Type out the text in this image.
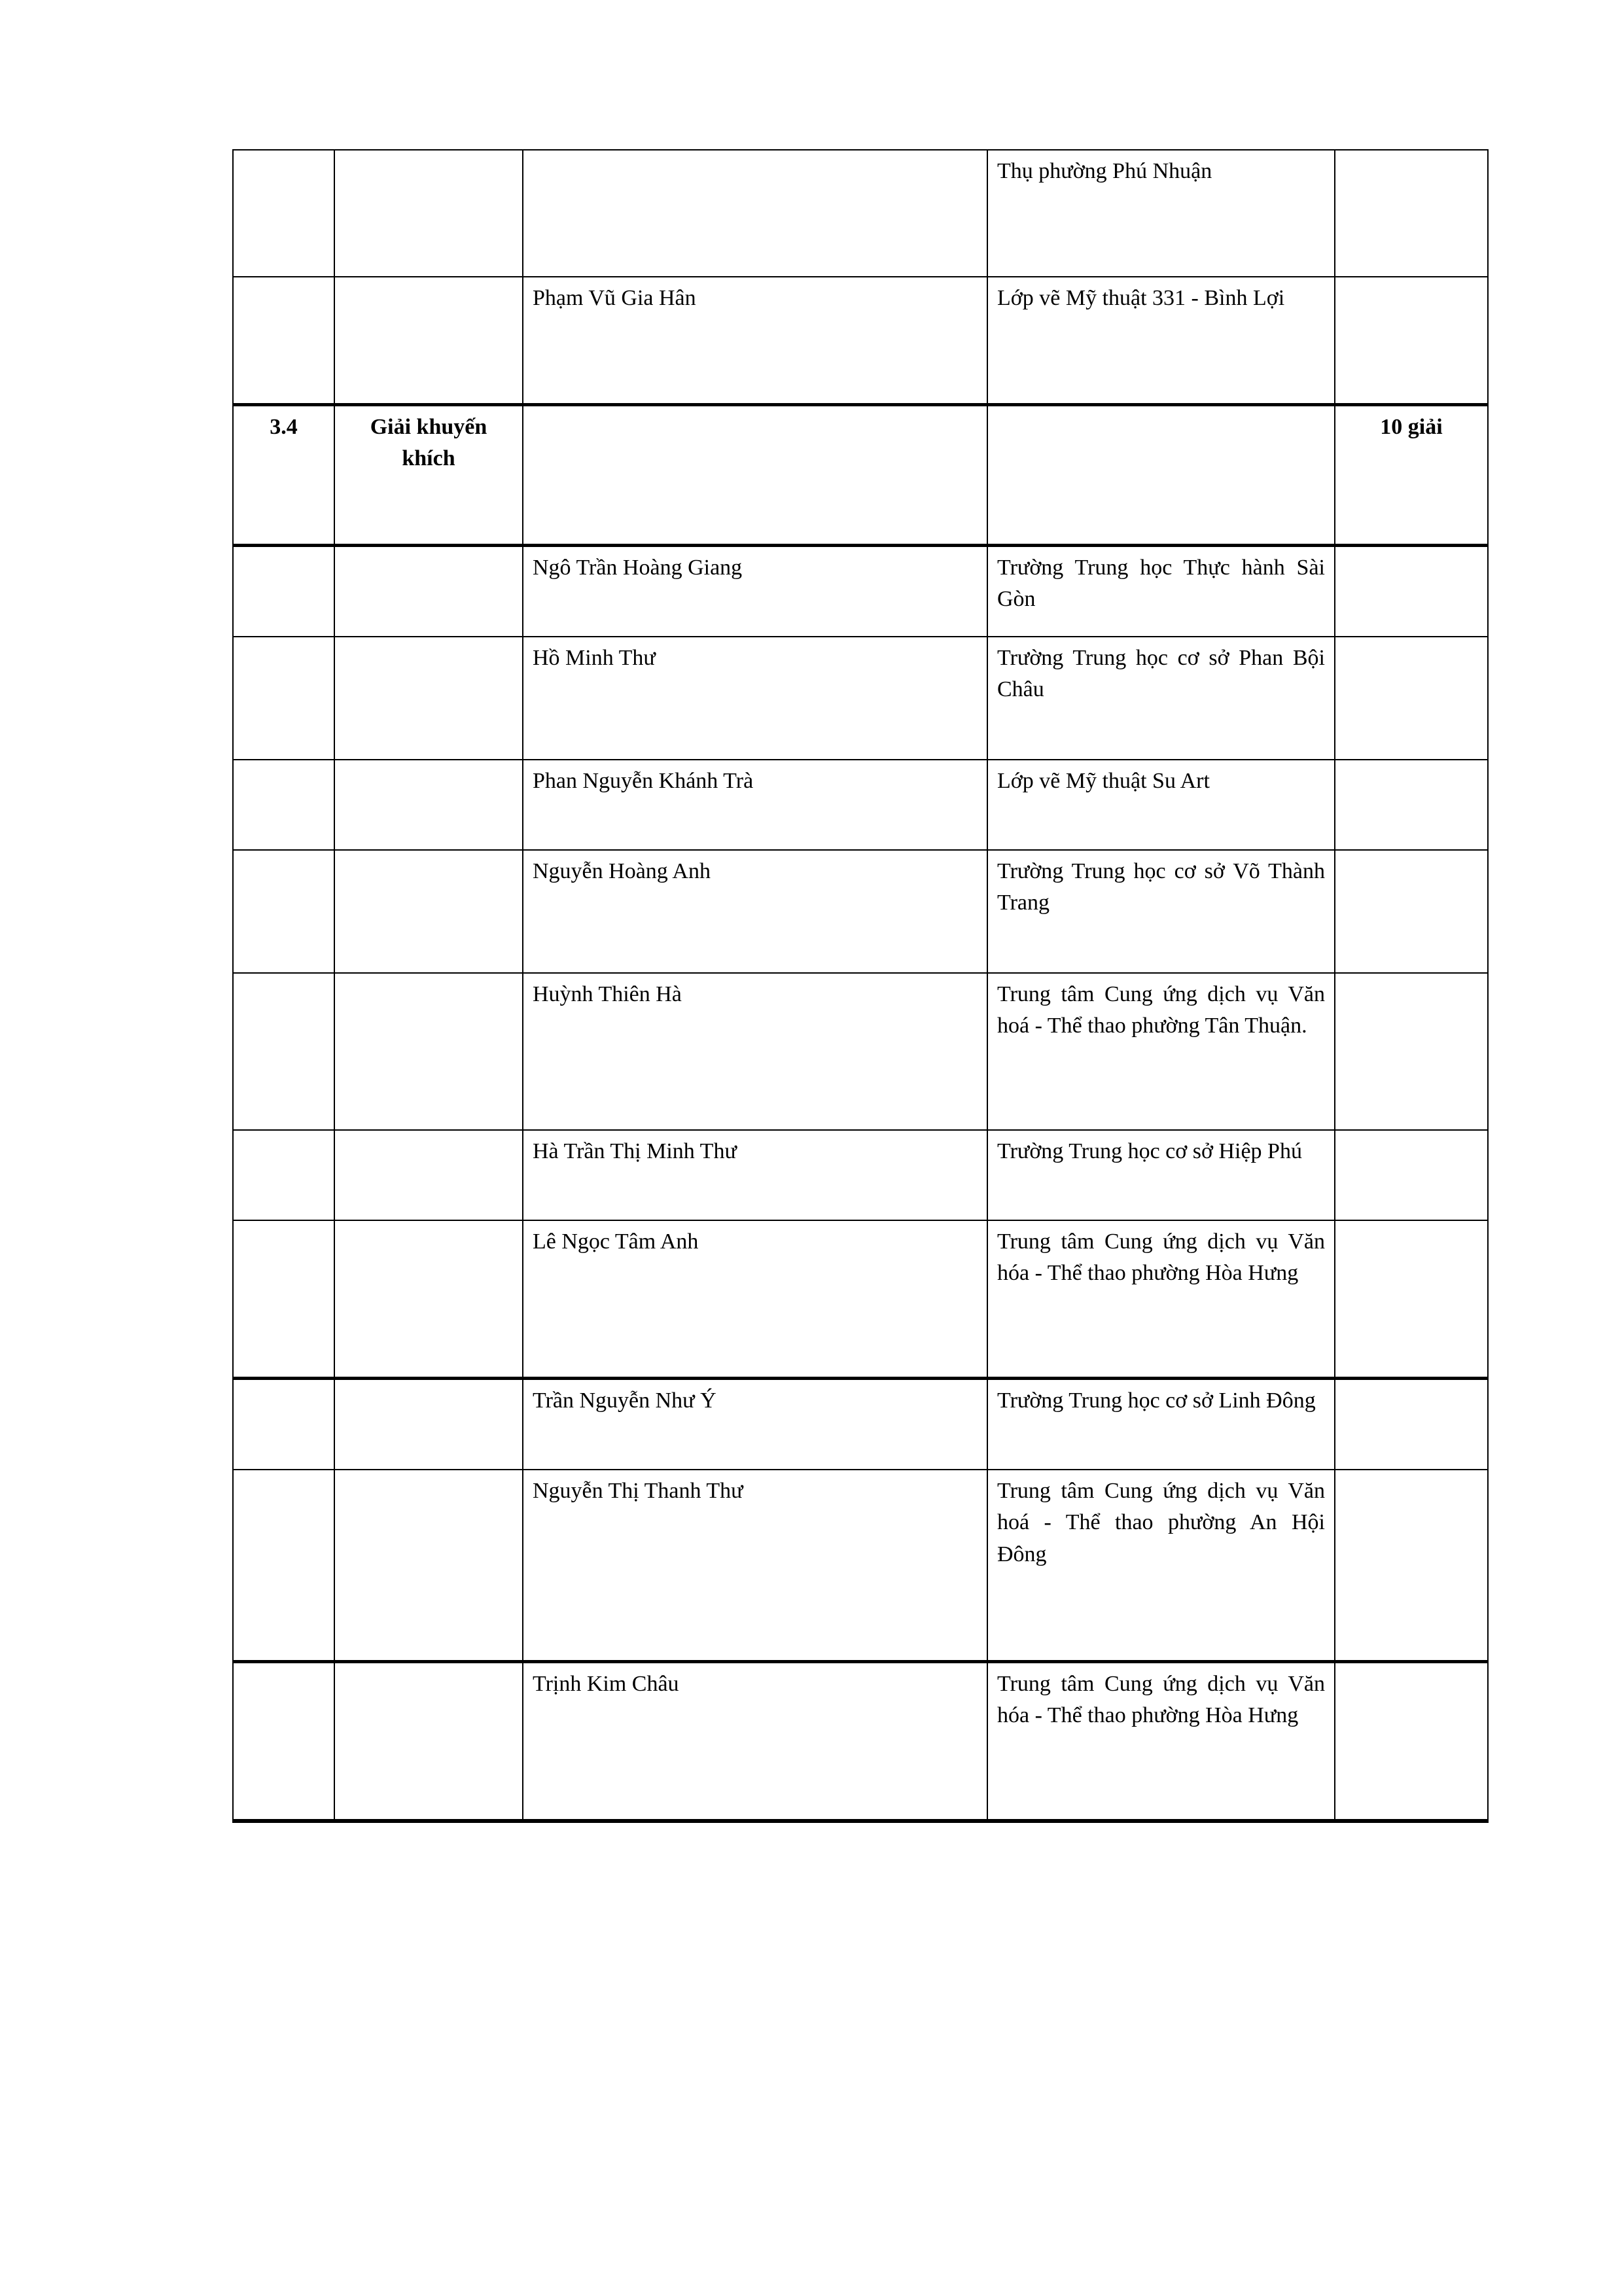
			Thụ phường Phú Nhuận	
		Phạm Vũ Gia Hân	Lớp vẽ Mỹ thuật 331 - Bình Lợi	
3.4	Giải khuyến khích			10 giải
		Ngô Trần Hoàng Giang	Trường Trung học Thực hành Sài Gòn	
		Hồ Minh Thư	Trường Trung học cơ sở Phan Bội Châu	
		Phan Nguyễn Khánh Trà	Lớp vẽ Mỹ thuật Su Art	
		Nguyễn Hoàng Anh	Trường Trung học cơ sở Võ Thành Trang	
		Huỳnh Thiên Hà	Trung tâm Cung ứng dịch vụ Văn hoá - Thể thao phường Tân Thuận.	
		Hà Trần Thị Minh Thư	Trường Trung học cơ sở Hiệp Phú	
		Lê Ngọc Tâm Anh	Trung tâm Cung ứng dịch vụ Văn hóa - Thể thao phường Hòa Hưng	
		Trần Nguyễn Như Ý	Trường Trung học cơ sở Linh Đông	
		Nguyễn Thị Thanh Thư	Trung tâm Cung ứng dịch vụ Văn hoá - Thể thao phường An Hội Đông	
		Trịnh Kim Châu	Trung tâm Cung ứng dịch vụ Văn hóa - Thể thao phường Hòa Hưng	
